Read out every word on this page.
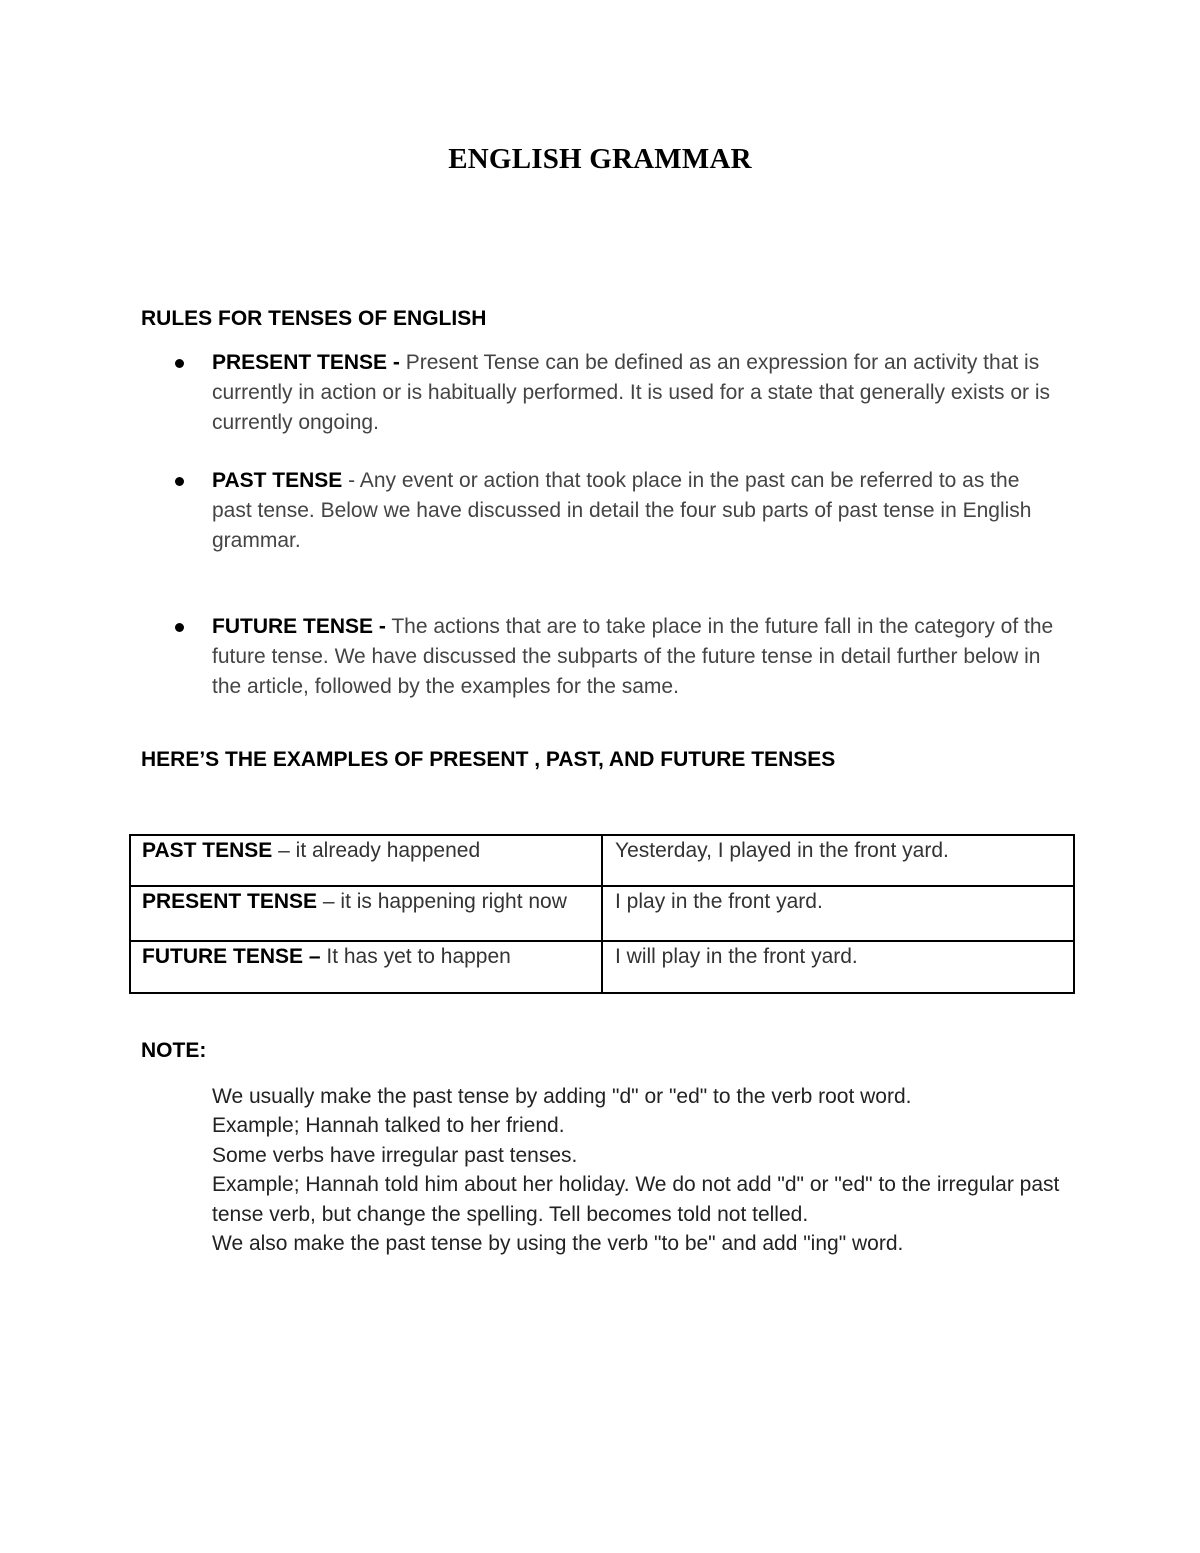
ENGLISH GRAMMAR
RULES FOR TENSES OF ENGLISH
PRESENT TENSE - Present Tense can be defined as an expression for an activity that is currently in action or is habitually performed. It is used for a state that generally exists or is currently ongoing.
PAST TENSE - Any event or action that took place in the past can be referred to as the past tense. Below we have discussed in detail the four sub parts of past tense in English grammar.
FUTURE TENSE - The actions that are to take place in the future fall in the category of the future tense. We have discussed the subparts of the future tense in detail further below in the article, followed by the examples for the same.
HERE’S THE EXAMPLES OF PRESENT , PAST, AND FUTURE TENSES
PAST TENSE – it already happened	Yesterday, I played in the front yard.
PRESENT TENSE – it is happening right now	I play in the front yard.
FUTURE TENSE – It has yet to happen	I will play in the front yard.
NOTE:
We usually make the past tense by adding "d" or "ed" to the verb root word.
Example; Hannah talked to her friend.
Some verbs have irregular past tenses.
Example; Hannah told him about her holiday. We do not add "d" or "ed" to the irregular past tense verb, but change the spelling. Tell becomes told not telled.
We also make the past tense by using the verb "to be" and add "ing" word.
